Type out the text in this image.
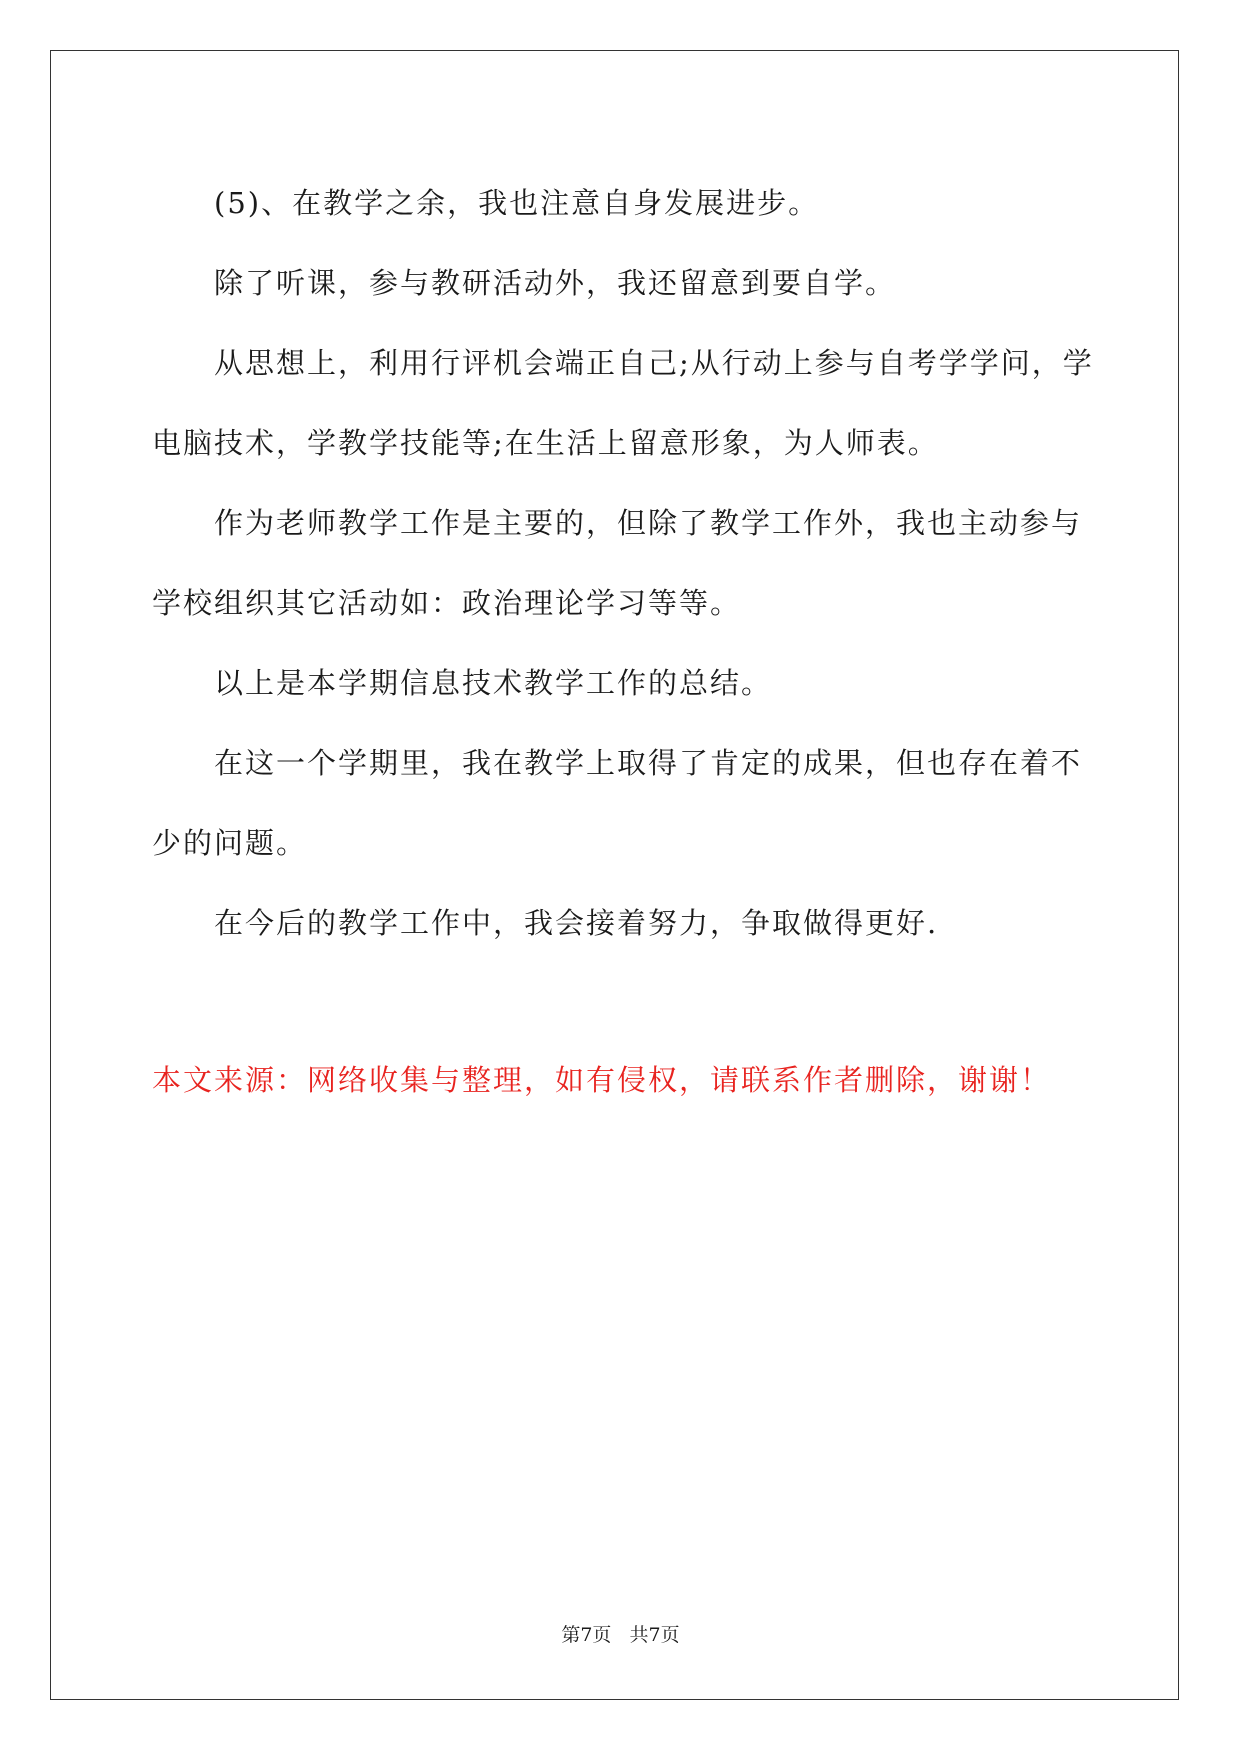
(5)、在教学之余，我也注意自身发展进步。

除了听课，参与教研活动外，我还留意到要自学。

从思想上，利用行评机会端正自己;从行动上参与自考学学问，学
电脑技术，学教学技能等;在生活上留意形象，为人师表。

作为老师教学工作是主要的，但除了教学工作外，我也主动参与
学校组织其它活动如：政治理论学习等等。

以上是本学期信息技术教学工作的总结。

在这一个学期里，我在教学上取得了肯定的成果，但也存在着不
少的问题。

在今后的教学工作中，我会接着努力，争取做得更好.

本文来源：网络收集与整理，如有侵权，请联系作者删除，谢谢！

第7页   共7页
